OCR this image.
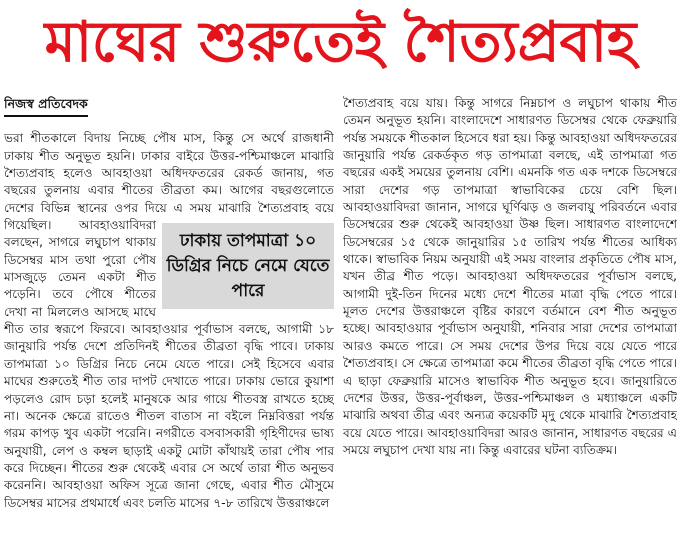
মাঘের শুরুতেই শৈত্যপ্রবাহ
নিজস্ব প্রতিবেদক
ঢাকায় তাপমাত্রা ১০ ডিগ্রির নিচে নেমে যেতে পারে

ভরা শীতকালে বিদায় নিচ্ছে পৌষ মাস, কিন্তু সে অর্থে রাজধানী ঢাকায় শীত অনুভূত হয়নি। ঢাকার বাইরে উত্তর-পশ্চিমাঞ্চলে মাঝারি শৈত্যপ্রবাহ হলেও আবহাওয়া অধিদফতরের রেকর্ড জানায়, গত বছরের তুলনায় এবার শীতের তীব্রতা কম। আগের বছরগুলোতে দেশের বিভিন্ন স্থানের ওপর দিয়ে এ সময় মাঝারি শৈত্যপ্রবাহ বয়ে গিয়েছিল। আবহাওয়াবিদরা বলছেন, সাগরে লঘুচাপ থাকায় ডিসেম্বর মাস তথা পুরো পৌষ মাসজুড়ে তেমন একটা শীত পড়েনি। তবে পৌষে শীতের দেখা না মিললেও আসছে মাঘে শীত তার স্বরূপে ফিরবে। আবহাওয়ার পূর্বাভাস বলছে, আগামী ১৮ জানুয়ারি পর্যন্ত দেশে প্রতিদিনই শীতের তীব্রতা বৃদ্ধি পাবে। ঢাকায় তাপমাত্রা ১০ ডিগ্রির নিচে নেমে যেতে পারে। সেই হিসেবে এবার মাঘের শুরুতেই শীত তার দাপট দেখাতে পারে। ঢাকায় ভোরে কুয়াশা পড়লেও রোদ চড়া হলেই মানুষকে আর গায়ে শীতবস্ত্র রাখতে হচ্ছে না। অনেক ক্ষেত্রে রাতেও শীতল বাতাস না বইলে নিম্নবিত্তরা পর্যন্ত গরম কাপড় খুব একটা পরেনি। নগরীতে বসবাসকারী গৃহিণীদের ভাষ্য অনুযায়ী, লেপ ও কম্বল ছাড়াই একটু মোটা কাঁথায়ই তারা পৌষ পার করে দিচ্ছেন। শীতের শুরু থেকেই এবার সে অর্থে তারা শীত অনুভব করেননি। আবহাওয়া অফিস সূত্রে জানা গেছে, এবার শীত মৌসুমে ডিসেম্বর মাসের প্রথমার্ধে এবং চলতি মাসের ৭-৮ তারিখে উত্তরাঞ্চলে

শৈত্যপ্রবাহ বয়ে যায়। কিন্তু সাগরে নিম্নচাপ ও লঘুচাপ থাকায় শীত তেমন অনুভূত হয়নি। বাংলাদেশে সাধারণত ডিসেম্বর থেকে ফেব্রুয়ারি পর্যন্ত সময়কে শীতকাল হিসেবে ধরা হয়। কিন্তু আবহাওয়া অধিদফতরের জানুয়ারি পর্যন্ত রেকর্ডকৃত গড় তাপমাত্রা বলছে, এই তাপমাত্রা গত বছরের একই সময়ের তুলনায় বেশি। এমনকি গত এক দশকে ডিসেম্বরে সারা দেশের গড় তাপমাত্রা স্বাভাবিকের চেয়ে বেশি ছিল। আবহাওয়াবিদরা জানান, সাগরে ঘূর্ণিঝড় ও জলবায়ু পরিবর্তনে এবার ডিসেম্বরের শুরু থেকেই আবহাওয়া উষ্ণ ছিল। সাধারণত বাংলাদেশে ডিসেম্বরের ১৫ থেকে জানুয়ারির ১৫ তারিখ পর্যন্ত শীতের আধিক্য থাকে। স্বাভাবিক নিয়ম অনুযায়ী এই সময় বাংলার প্রকৃতিতে পৌষ মাস, যখন তীব্র শীত পড়ে। আবহাওয়া অধিদফতরের পূর্বাভাস বলছে, আগামী দুই-তিন দিনের মধ্যে দেশে শীতের মাত্রা বৃদ্ধি পেতে পারে। মূলত দেশের উত্তরাঞ্চলে বৃষ্টির কারণে বর্তমানে বেশ শীত অনুভূত হচ্ছে। আবহাওয়ার পূর্বাভাস অনুযায়ী, শনিবার সারা দেশের তাপমাত্রা আরও কমতে পারে। সে সময় দেশের উপর দিয়ে বয়ে যেতে পারে শৈত্যপ্রবাহ। সে ক্ষেত্রে তাপমাত্রা কমে শীতের তীব্রতা বৃদ্ধি পেতে পারে। এ ছাড়া ফেব্রুয়ারি মাসেও স্বাভাবিক শীত অনুভূত হবে। জানুয়ারিতে দেশের উত্তর, উত্তর-পূর্বাঞ্চল, উত্তর-পশ্চিমাঞ্চল ও মধ্যাঞ্চলে একটি মাঝারি অথবা তীব্র এবং অন্যত্র কয়েকটি মৃদু থেকে মাঝারি শৈত্যপ্রবাহ বয়ে যেতে পারে। আবহাওয়াবিদরা আরও জানান, সাধারণত বছরের এ সময়ে লঘুচাপ দেখা যায় না। কিন্তু এবারের ঘটনা ব্যতিক্রম।
